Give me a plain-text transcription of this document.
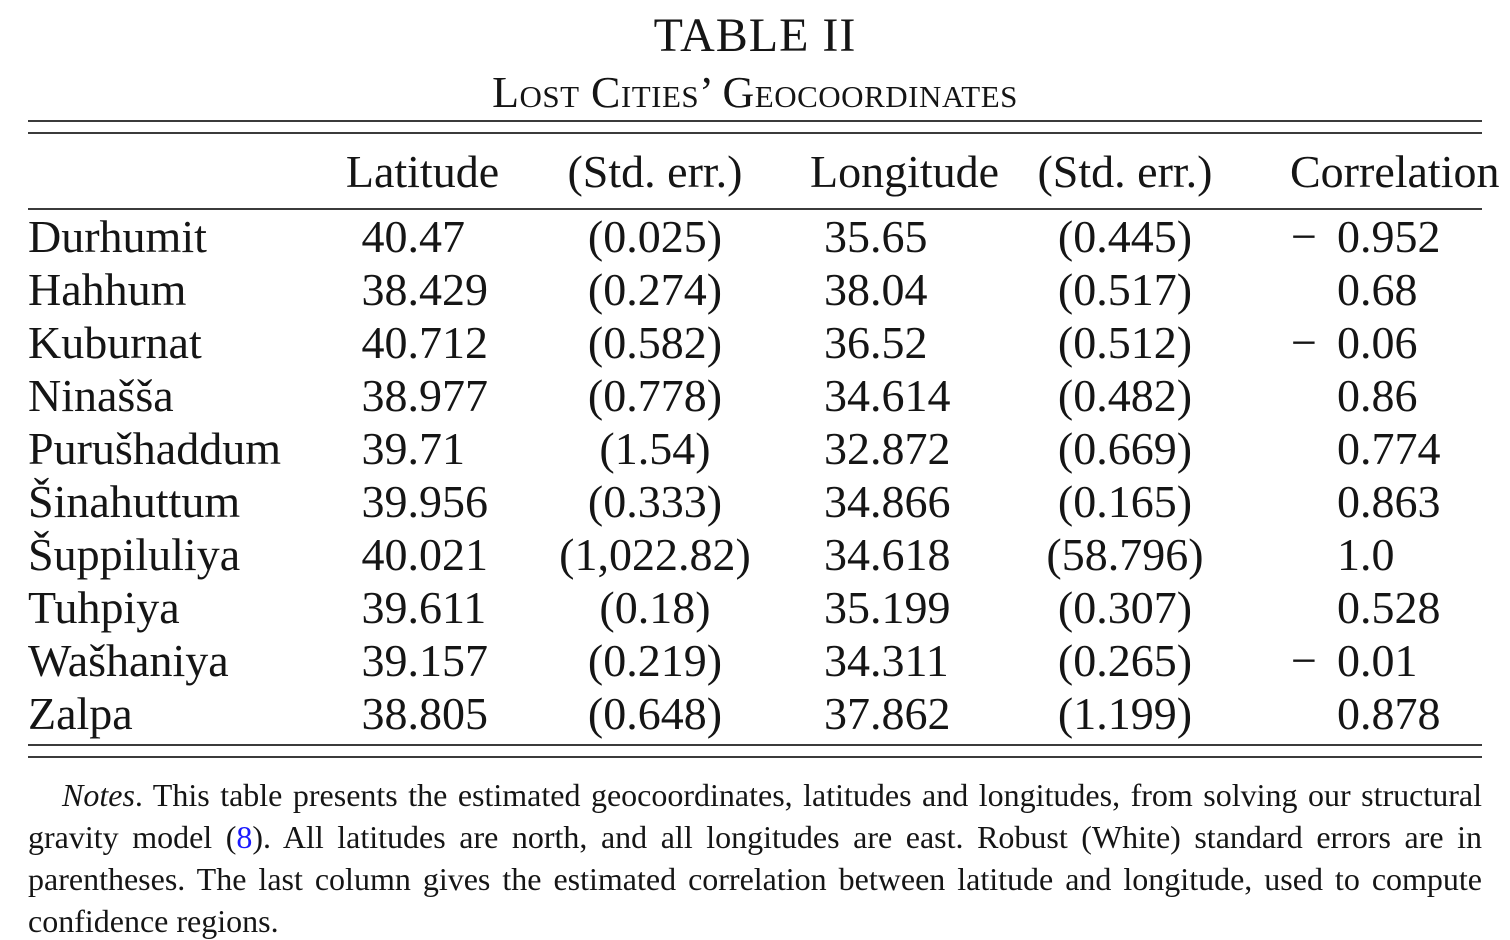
TABLE II
Lost Cities’ Geocoordinates
	Latitude	(Std. err.)	Longitude	(Std. err.)	Correlation
Durhumit	40.47	(0.025)	35.65	(0.445)	− 0.952
Hahhum	38.429	(0.274)	38.04	(0.517)	0.68
Kuburnat	40.712	(0.582)	36.52	(0.512)	− 0.06
Ninašša	38.977	(0.778)	34.614	(0.482)	0.86
Purušhaddum	39.71	(1.54)	32.872	(0.669)	0.774
Šinahuttum	39.956	(0.333)	34.866	(0.165)	0.863
Šuppiluliya	40.021	(1,022.82)	34.618	(58.796)	1.0
Tuhpiya	39.611	(0.18)	35.199	(0.307)	0.528
Wašhaniya	39.157	(0.219)	34.311	(0.265)	− 0.01
Zalpa	38.805	(0.648)	37.862	(1.199)	0.878

Notes. This table presents the estimated geocoordinates, latitudes and longitudes, from solving our structural gravity model (8). All latitudes are north, and all longitudes are east. Robust (White) standard errors are in parentheses. The last column gives the estimated correlation between latitude and longitude, used to compute confidence regions.
